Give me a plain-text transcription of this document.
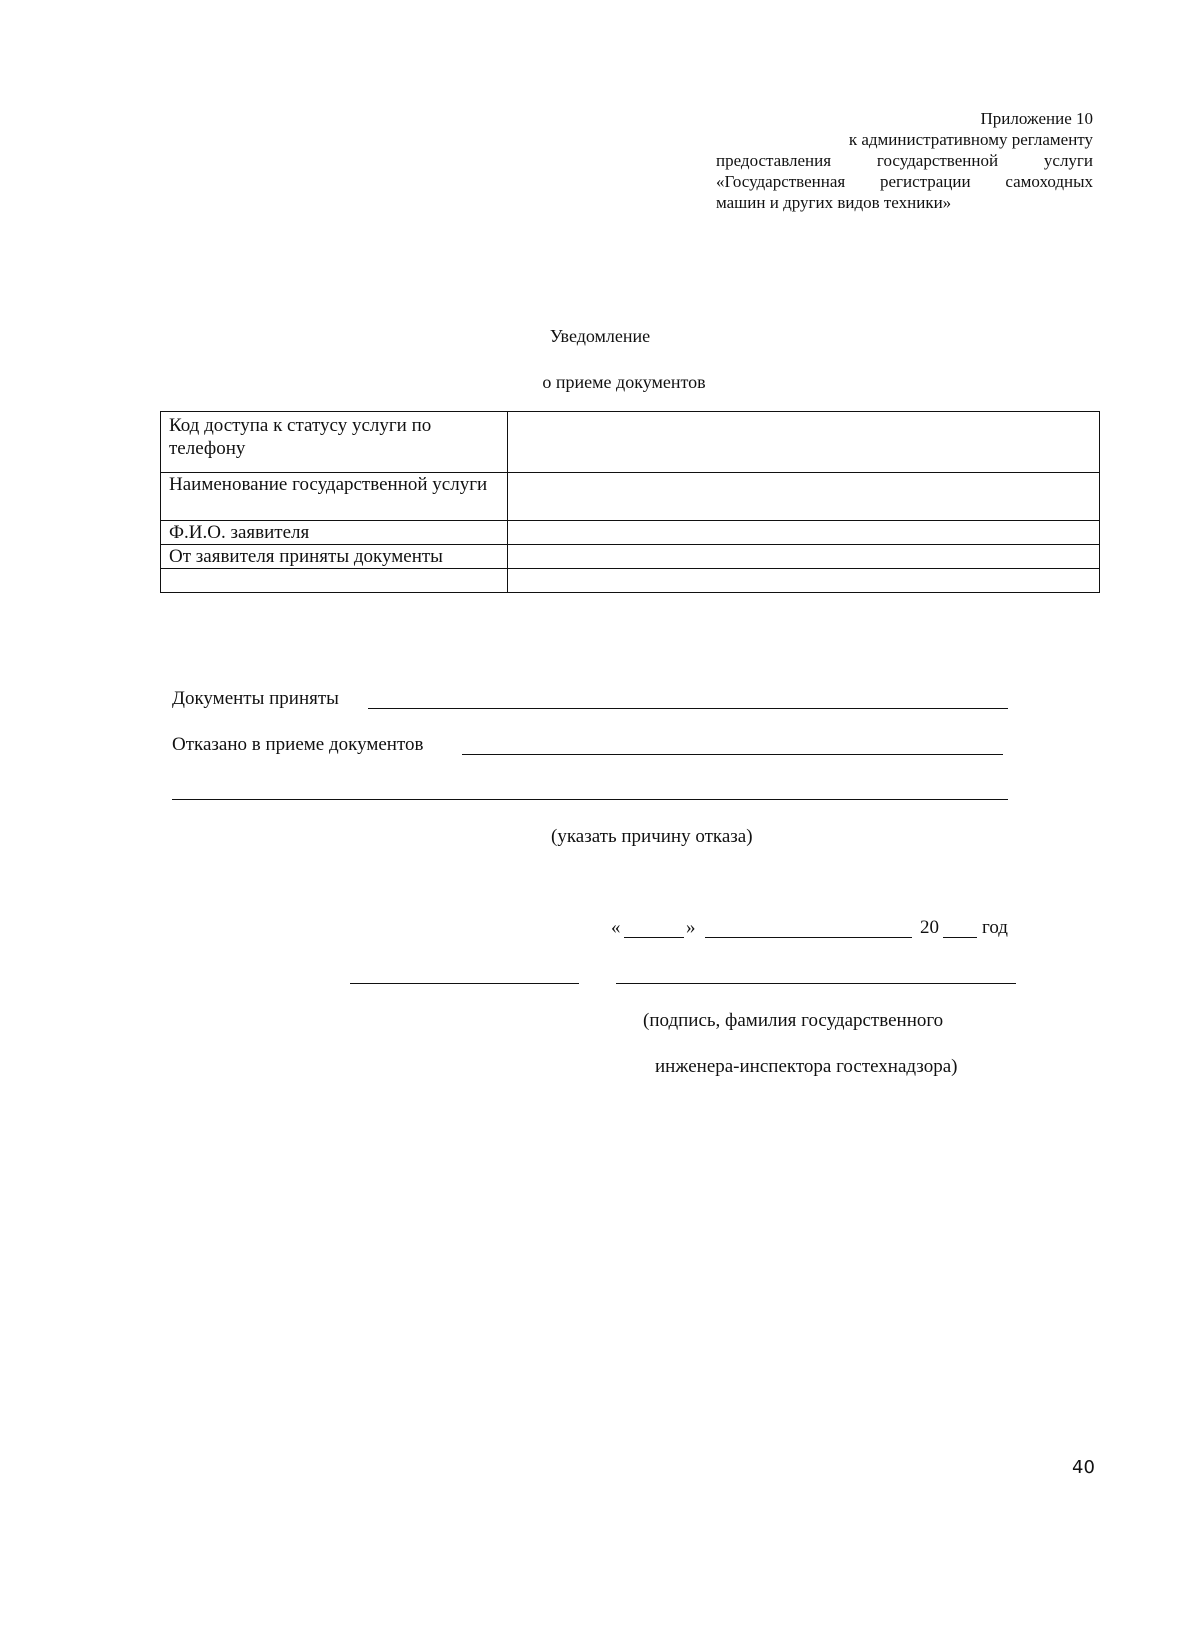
Приложение 10
к административному регламенту
предоставления государственной услуги
«Государственная регистрации самоходных
машин и других видов техники»
Уведомление
о приеме документов
Код доступа к статусу услуги по телефону	
Наименование государственной услуги	
Ф.И.О. заявителя	
От заявителя приняты документы	

Документы приняты
Отказано в приеме документов
(указать причину отказа)
«	»	20 год
(подпись, фамилия государственного
инженера-инспектора гостехнадзора)
40
